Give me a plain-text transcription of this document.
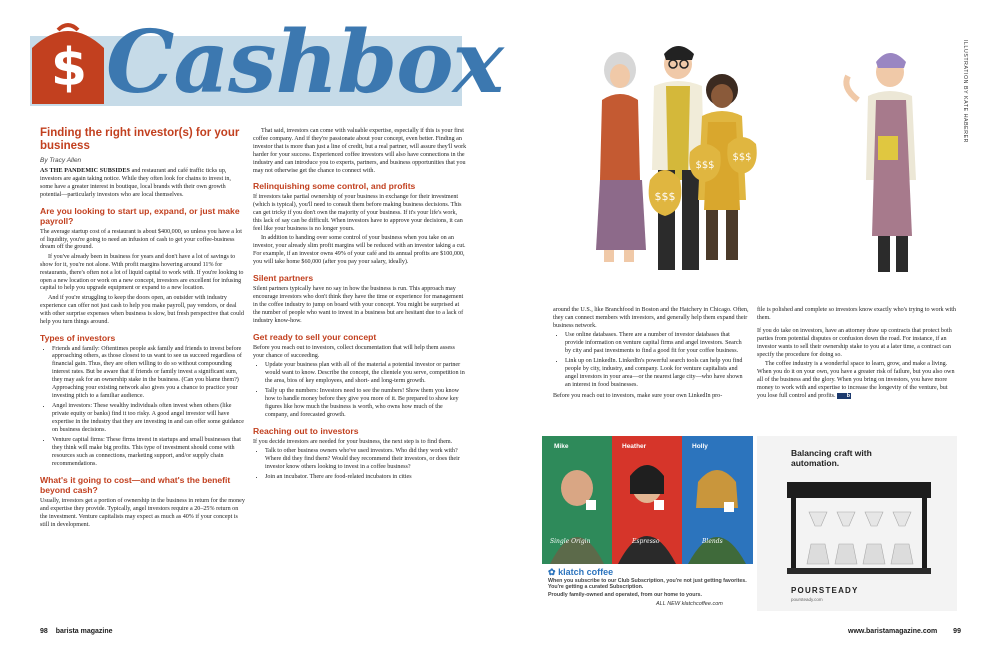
$ Cashbox
Finding the right investor(s) for your business
By Tracy Allen

AS THE PANDEMIC SUBSIDES and restaurant and café traffic ticks up, investors are again taking notice. While they often look for chains to invest in, some have a greater interest in boutique, local brands with their own growth potential—particularly investors who are local themselves.

Are you looking to start up, expand, or just make payroll?

The average startup cost of a restaurant is about $400,000, so unless you have a lot of liquidity, you're going to need an infusion of cash to get your coffee-business dream off the ground.

If you've already been in business for years and don't have a lot of savings to show for it, you're not alone. With profit margins hovering around 11% for restaurants, there's often not a lot of liquid capital to work with. If you're looking to open a new location or work on a new concept, investors are excellent for infusing capital to help you upgrade equipment or expand to a new location.

And if you're struggling to keep the doors open, an outsider with industry experience can offer not just cash to help you make payroll, pay vendors, or deal with other surprise expenses when business is slow, but fresh perspective that could help you turn things around.

Types of investors
• Friends and family: Oftentimes people ask family and friends to invest before approaching others, as those closest to us want to see us succeed regardless of financial gain. Thus, they are often willing to do so without compounding interest rates. But be aware that if friends or family invest a significant sum, they may ask for an ownership stake in the business. (Can you blame them?) Approaching your existing network also gives you a chance to practice your investing pitch to a familiar audience.
• Angel investors: These wealthy individuals often invest when others (like private equity or banks) find it too risky. A good angel investor will have expertise in the industry that they are investing in and can offer some guidance on business decisions.
• Venture capital firms: These firms invest in startups and small businesses that they think will make big profits. This type of investment should come with resources such as connections, marketing support, and/or supply chain recommendations.
What's it going to cost—and what's the benefit beyond cash?

Usually, investors get a portion of ownership in the business in return for the money and expertise they provide. Typically, angel investors require a 20–25% return on the investment. Venture capitalists may expect as much as 40% if your concept is still in development.

That said, investors can come with valuable expertise, especially if this is your first coffee company. And if they're passionate about your concept, even better. Finding an investor that is more than just a line of credit, but a real partner, will assure they'll work harder for your success. Experienced coffee investors will also have connections in the industry and can introduce you to experts, partners, and business opportunities that you may not otherwise get the chance to connect with.

Relinquishing some control, and profits

If investors take partial ownership of your business in exchange for their investment (which is typical), you'll need to consult them before making business decisions. This can get tricky if you don't own the majority of your business. If it's your life's work, this lack of say can be difficult. When investors have to approve your decisions, it can feel like your business is no longer yours.

In addition to handing over some control of your business when you take on an investor, your already slim profit margins will be reduced with an investor taking a cut. For example, if an investor owns 49% of your café and its annual profits are $100,000, you will take home $60,000 (after you pay your salary, ideally).

Silent partners

Silent partners typically have no say in how the business is run. This approach may encourage investors who don't think they have the time or experience for management in the coffee industry to jump on board with your concept. You might be surprised at the number of people who want to invest in a business but are hesitant due to a lack of industry know-how.

Get ready to sell your concept

Before you reach out to investors, collect documentation that will help them assess your chance of succeeding.

• Update your business plan with all of the material a potential investor or partner would want to know. Describe the concept, the clientele you serve, competition in the area, bios of key employees, and short- and long-term growth.
• Tally up the numbers: Investors need to see the numbers! Show them you know how to handle money before they give you more of it. Be prepared to show key figures like how much the business is worth, who owns how much of the company, and forecasted growth.
Reaching out to investors

If you decide investors are needed for your business, the next step is to find them.

• Talk to other business owners who've used investors. Who did they work with? Where did they find them? Would they recommend their investors, or does their investor know others looking to invest in a coffee business?
• Join an incubator. There are food-related incubators in cities
$$$
$$$
$$$
ILLUSTRATION BY KATE HABERER

around the U.S., like Branchfood in Boston and the Hatchery in Chicago. Often, they can connect members with investors, and generally help them expand their business network.

• Use online databases. There are a number of investor databases that provide information on venture capital firms and angel investors. Search by city and past investments to find a good fit for your coffee business.
• Link up on LinkedIn. LinkedIn's powerful search tools can help you find people by city, industry, and company. Look for venture capitalists and angel investors in your area—or the nearest large city—who have shown an interest in food businesses.

Before you reach out to investors, make sure your own LinkedIn pro-

file is polished and complete so investors know exactly who's trying to work with them.

If you do take on investors, have an attorney draw up contracts that protect both parties from potential disputes or confusion down the road. For instance, if an investor wants to sell their ownership stake to you at a later time, a contract can specify the procedure for doing so.

The coffee industry is a wonderful space to learn, grow, and make a living. When you do it on your own, you have a greater risk of failure, but you also own all of the business and the glory. When you bring on investors, you have more money to work with and expertise to increase the longevity of the venture, but you lose full control and profits. b

Mike	Heather	Holly
Single Origin	Espresso	Blends
✿ klatch coffee
When you subscribe to our Club Subscription, you're not just getting favorites. You're getting a curated Subscription.
Proudly family-owned and operated, from our home to yours.
ALL NEW klatchcoffee.com
Balancing craft with automation.
POURSTEADY
poursteady.com
98 barista magazine	www.baristamagazine.com 99
